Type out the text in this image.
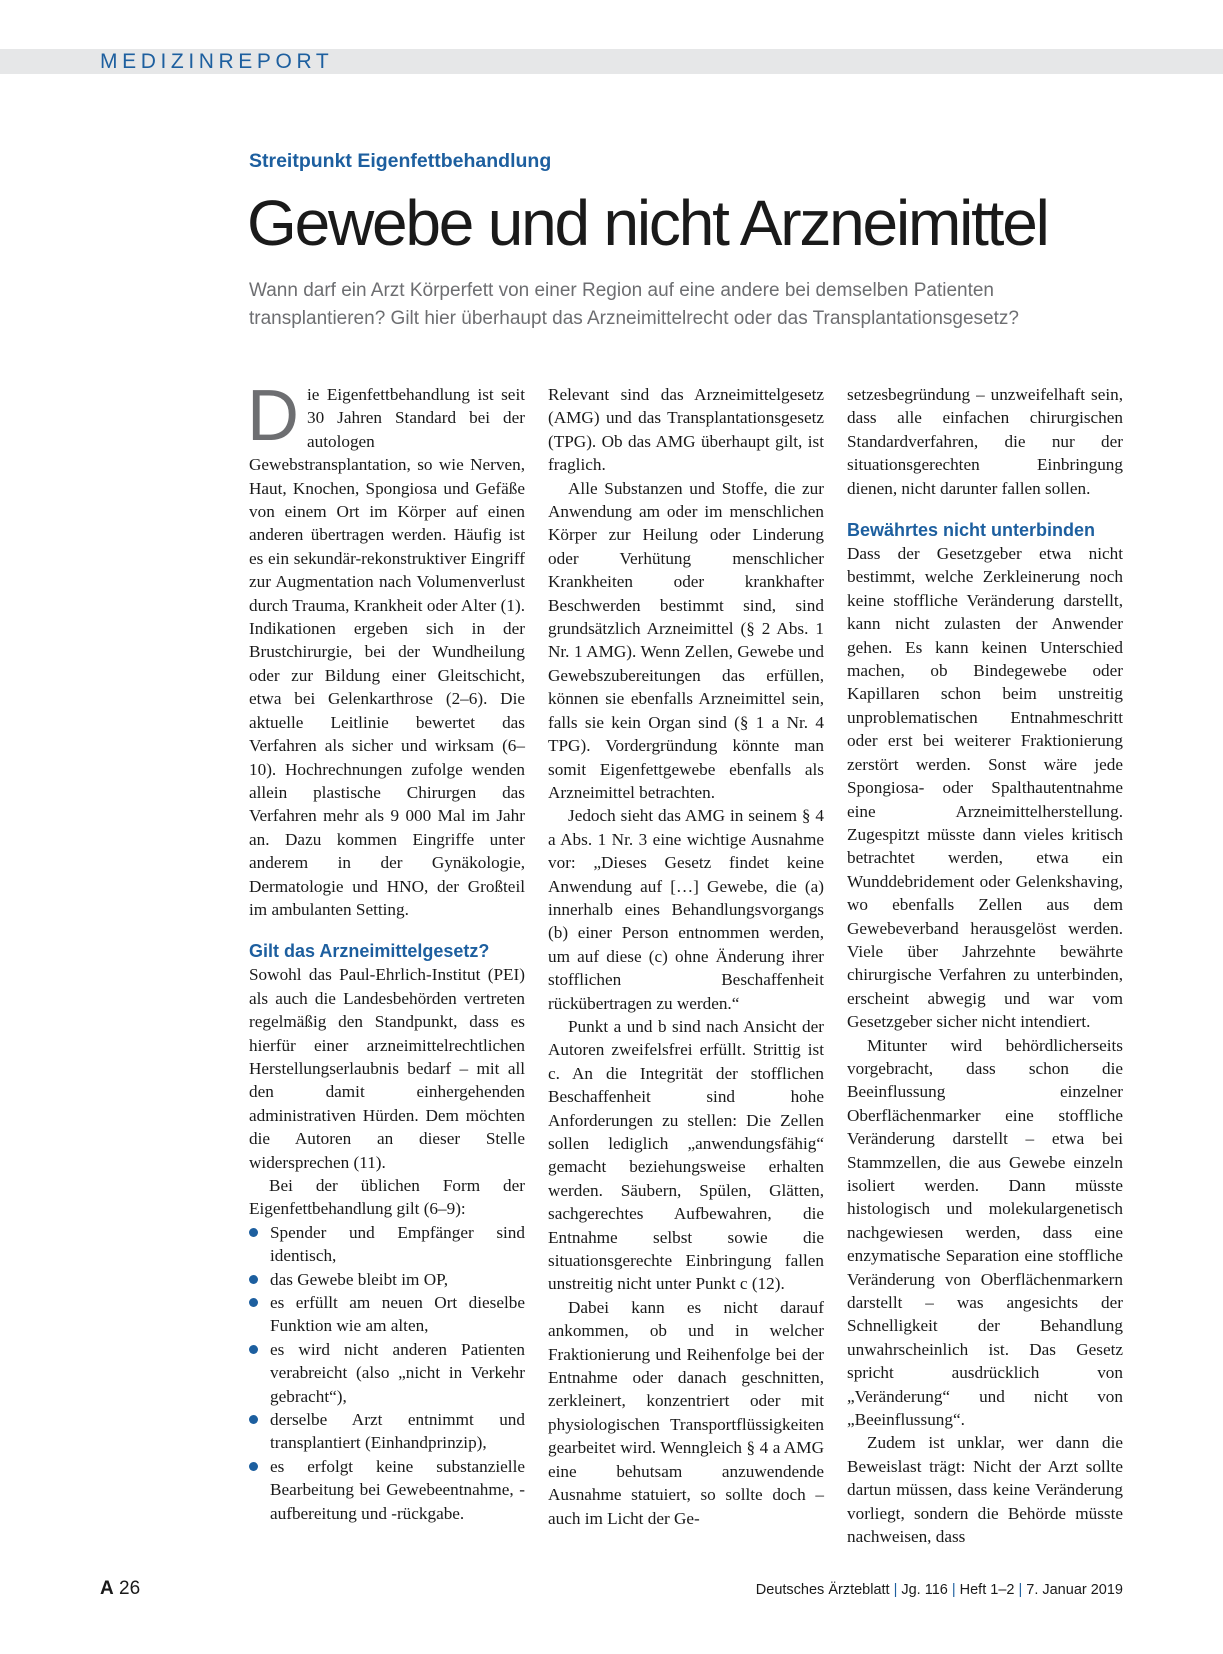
MEDIZINREPORT
Streitpunkt Eigenfettbehandlung
Gewebe und nicht Arzneimittel

Wann darf ein Arzt Körperfett von einer Region auf eine andere bei demselben Patienten transplantieren? Gilt hier überhaupt das Arzneimittelrecht oder das Transplantationsgesetz?

Die Eigenfettbehandlung ist seit 30 Jahren Standard bei der autologen Gewebstransplantation, so wie Nerven, Haut, Knochen, Spongiosa und Gefäße von einem Ort im Körper auf einen anderen übertragen werden. Häufig ist es ein sekundär-rekonstruktiver Eingriff zur Augmentation nach Volumenverlust durch Trauma, Krankheit oder Alter (1). Indikationen ergeben sich in der Brustchirurgie, bei der Wundheilung oder zur Bildung einer Gleitschicht, etwa bei Gelenkarthrose (2–6). Die aktuelle Leitlinie bewertet das Verfahren als sicher und wirksam (6–10). Hochrechnungen zufolge wenden allein plastische Chirurgen das Verfahren mehr als 9 000 Mal im Jahr an. Dazu kommen Eingriffe unter anderem in der Gynäkologie, Dermatologie und HNO, der Großteil im ambulanten Setting.

Gilt das Arzneimittelgesetz?

Sowohl das Paul-Ehrlich-Institut (PEI) als auch die Landesbehörden vertreten regelmäßig den Standpunkt, dass es hierfür einer arzneimittelrechtlichen Herstellungserlaubnis bedarf – mit all den damit einhergehenden administrativen Hürden. Dem möchten die Autoren an dieser Stelle widersprechen (11).

Bei der üblichen Form der Eigenfettbehandlung gilt (6–9):

Spender und Empfänger sind identisch,
das Gewebe bleibt im OP,
es erfüllt am neuen Ort dieselbe Funktion wie am alten,
es wird nicht anderen Patienten verabreicht (also „nicht in Verkehr gebracht“),
derselbe Arzt entnimmt und transplantiert (Einhandprinzip),
es erfolgt keine substanzielle Bearbeitung bei Gewebeentnahme, -aufbereitung und -rückgabe.

Relevant sind das Arzneimittelgesetz (AMG) und das Transplantationsgesetz (TPG). Ob das AMG überhaupt gilt, ist fraglich.

Alle Substanzen und Stoffe, die zur Anwendung am oder im menschlichen Körper zur Heilung oder Linderung oder Verhütung menschlicher Krankheiten oder krankhafter Beschwerden bestimmt sind, sind grundsätzlich Arzneimittel (§ 2 Abs. 1 Nr. 1 AMG). Wenn Zellen, Gewebe und Gewebszubereitungen das erfüllen, können sie ebenfalls Arzneimittel sein, falls sie kein Organ sind (§ 1 a Nr. 4 TPG). Vordergründung könnte man somit Eigenfettgewebe ebenfalls als Arzneimittel betrachten.

Jedoch sieht das AMG in seinem § 4 a Abs. 1 Nr. 3 eine wichtige Ausnahme vor: „Dieses Gesetz findet keine Anwendung auf […] Gewebe, die (a) innerhalb eines Behandlungsvorgangs (b) einer Person entnommen werden, um auf diese (c) ohne Änderung ihrer stofflichen Beschaffenheit rückübertragen zu werden.“

Punkt a und b sind nach Ansicht der Autoren zweifelsfrei erfüllt. Strittig ist c. An die Integrität der stofflichen Beschaffenheit sind hohe Anforderungen zu stellen: Die Zellen sollen lediglich „anwendungsfähig“ gemacht beziehungsweise erhalten werden. Säubern, Spülen, Glätten, sachgerechtes Aufbewahren, die Entnahme selbst sowie die situationsgerechte Einbringung fallen unstreitig nicht unter Punkt c (12).

Dabei kann es nicht darauf ankommen, ob und in welcher Fraktionierung und Reihenfolge bei der Entnahme oder danach geschnitten, zerkleinert, konzentriert oder mit physiologischen Transportflüssigkeiten gearbeitet wird. Wenngleich § 4 a AMG eine behutsam anzuwendende Ausnahme statuiert, so sollte doch – auch im Licht der Ge-

setzesbegründung – unzweifelhaft sein, dass alle einfachen chirurgischen Standardverfahren, die nur der situationsgerechten Einbringung dienen, nicht darunter fallen sollen.

Bewährtes nicht unterbinden

Dass der Gesetzgeber etwa nicht bestimmt, welche Zerkleinerung noch keine stoffliche Veränderung darstellt, kann nicht zulasten der Anwender gehen. Es kann keinen Unterschied machen, ob Bindegewebe oder Kapillaren schon beim unstreitig unproblematischen Entnahmeschritt oder erst bei weiterer Fraktionierung zerstört werden. Sonst wäre jede Spongiosa- oder Spalthautentnahme eine Arzneimittelherstellung. Zugespitzt müsste dann vieles kritisch betrachtet werden, etwa ein Wunddebridement oder Gelenkshaving, wo ebenfalls Zellen aus dem Gewebeverband herausgelöst werden. Viele über Jahrzehnte bewährte chirurgische Verfahren zu unterbinden, erscheint abwegig und war vom Gesetzgeber sicher nicht intendiert.

Mitunter wird behördlicherseits vorgebracht, dass schon die Beeinflussung einzelner Oberflächenmarker eine stoffliche Veränderung darstellt – etwa bei Stammzellen, die aus Gewebe einzeln isoliert werden. Dann müsste histologisch und molekulargenetisch nachgewiesen werden, dass eine enzymatische Separation eine stoffliche Veränderung von Oberflächenmarkern darstellt – was angesichts der Schnelligkeit der Behandlung unwahrscheinlich ist. Das Gesetz spricht ausdrücklich von „Veränderung“ und nicht von „Beeinflussung“.

Zudem ist unklar, wer dann die Beweislast trägt: Nicht der Arzt sollte dartun müssen, dass keine Veränderung vorliegt, sondern die Behörde müsste nachweisen, dass

A 26	Deutsches Ärzteblatt | Jg. 116 | Heft 1–2 | 7. Januar 2019
